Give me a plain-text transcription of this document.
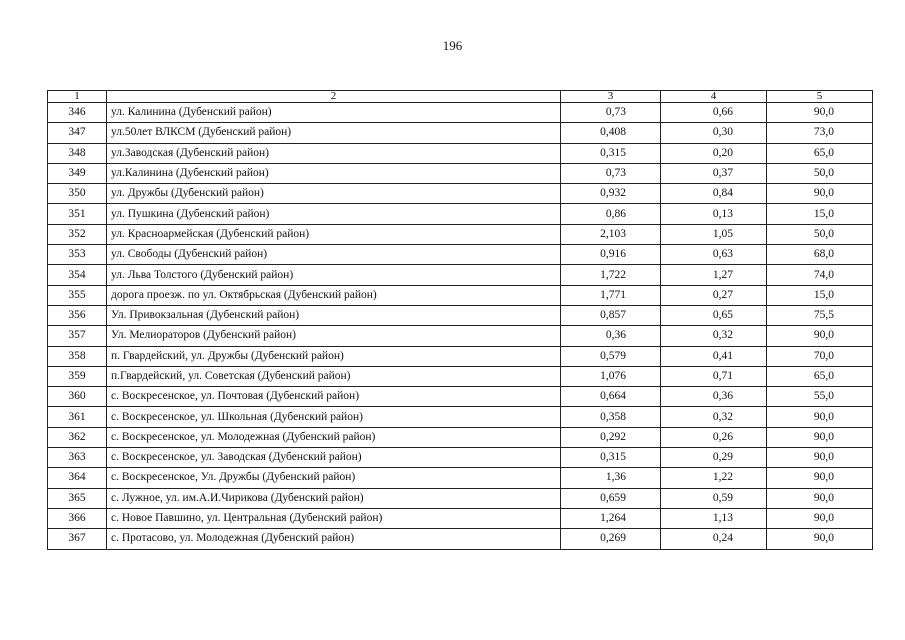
196
1	2	3	4	5
346	ул. Калинина (Дубенский район)	0,73	0,66	90,0
347	ул.50лет ВЛКСМ (Дубенский район)	0,408	0,30	73,0
348	ул.Заводская (Дубенский район)	0,315	0,20	65,0
349	ул.Калинина (Дубенский район)	0,73	0,37	50,0
350	ул. Дружбы (Дубенский район)	0,932	0,84	90,0
351	ул. Пушкина (Дубенский район)	0,86	0,13	15,0
352	ул. Красноармейская (Дубенский район)	2,103	1,05	50,0
353	ул. Свободы (Дубенский район)	0,916	0,63	68,0
354	ул. Льва Толстого (Дубенский район)	1,722	1,27	74,0
355	дорога проезж. по ул. Октябрьская (Дубенский район)	1,771	0,27	15,0
356	Ул. Привокзальная (Дубенский район)	0,857	0,65	75,5
357	Ул. Мелиораторов (Дубенский район)	0,36	0,32	90,0
358	п. Гвардейский, ул. Дружбы (Дубенский район)	0,579	0,41	70,0
359	п.Гвардейский, ул. Советская (Дубенский район)	1,076	0,71	65,0
360	с. Воскресенское, ул. Почтовая (Дубенский район)	0,664	0,36	55,0
361	с. Воскресенское, ул. Школьная (Дубенский район)	0,358	0,32	90,0
362	с. Воскресенское, ул. Молодежная (Дубенский район)	0,292	0,26	90,0
363	с. Воскресенское, ул. Заводская (Дубенский район)	0,315	0,29	90,0
364	с. Воскресенское, Ул. Дружбы (Дубенский район)	1,36	1,22	90,0
365	с. Лужное, ул. им.А.И.Чирикова (Дубенский район)	0,659	0,59	90,0
366	с. Новое Павшино, ул. Центральная (Дубенский район)	1,264	1,13	90,0
367	с. Протасово, ул. Молодежная (Дубенский район)	0,269	0,24	90,0
